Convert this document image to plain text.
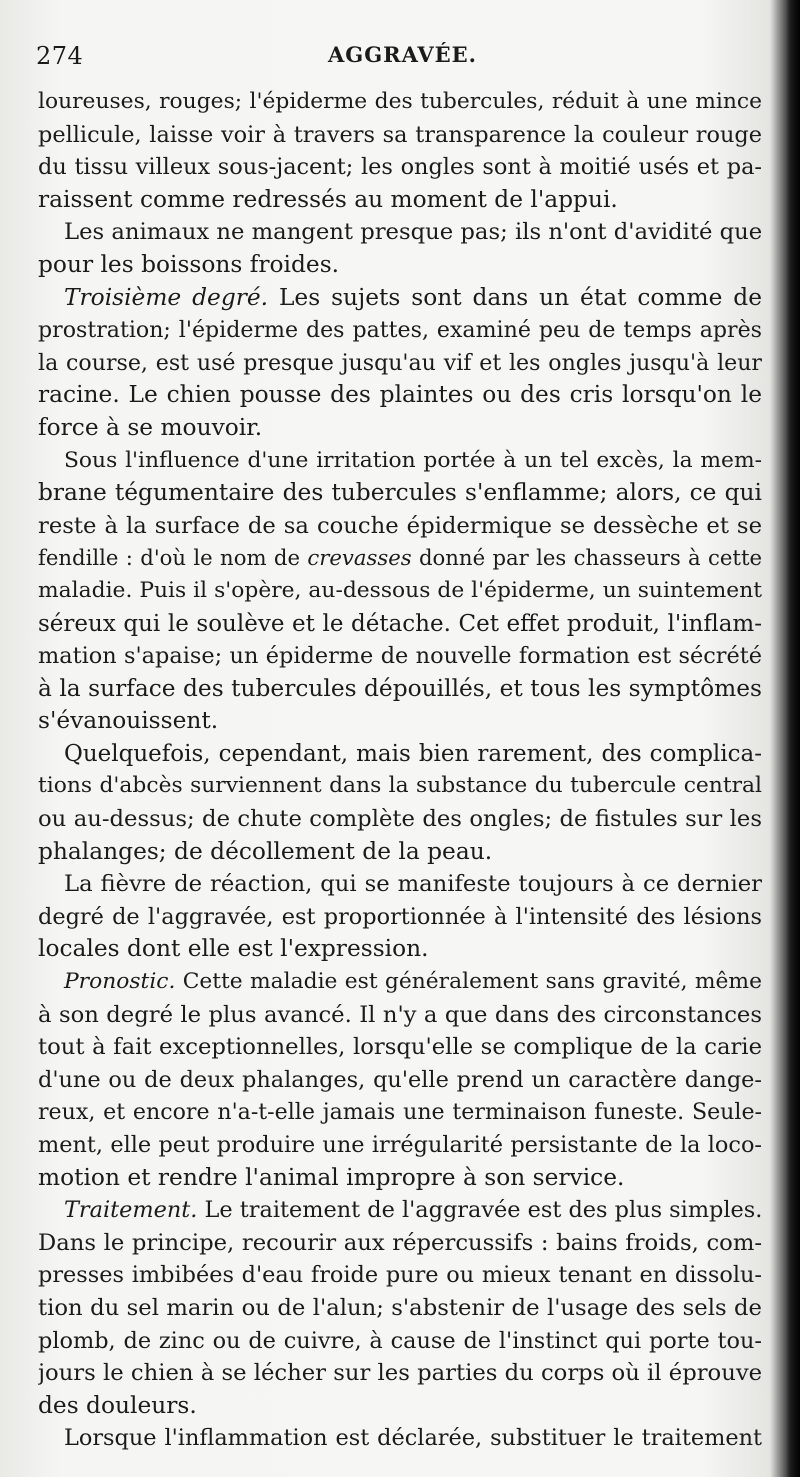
274	AGGRAVÉE.
loureuses, rouges; l'épiderme des tubercules, réduit à une mince
pellicule, laisse voir à travers sa transparence la couleur rouge
du tissu villeux sous-jacent; les ongles sont à moitié usés et pa-
raissent comme redressés au moment de l'appui.
Les animaux ne mangent presque pas; ils n'ont d'avidité que
pour les boissons froides.
Troisième degré. Les sujets sont dans un état comme de
prostration; l'épiderme des pattes, examiné peu de temps après
la course, est usé presque jusqu'au vif et les ongles jusqu'à leur
racine. Le chien pousse des plaintes ou des cris lorsqu'on le
force à se mouvoir.
Sous l'influence d'une irritation portée à un tel excès, la mem-
brane tégumentaire des tubercules s'enflamme; alors, ce qui
reste à la surface de sa couche épidermique se dessèche et se
fendille : d'où le nom de crevasses donné par les chasseurs à cette
maladie. Puis il s'opère, au-dessous de l'épiderme, un suintement
séreux qui le soulève et le détache. Cet effet produit, l'inflam-
mation s'apaise; un épiderme de nouvelle formation est sécrété
à la surface des tubercules dépouillés, et tous les symptômes
s'évanouissent.
Quelquefois, cependant, mais bien rarement, des complica-
tions d'abcès surviennent dans la substance du tubercule central
ou au-dessus; de chute complète des ongles; de fistules sur les
phalanges; de décollement de la peau.
La fièvre de réaction, qui se manifeste toujours à ce dernier
degré de l'aggravée, est proportionnée à l'intensité des lésions
locales dont elle est l'expression.
Pronostic. Cette maladie est généralement sans gravité, même
à son degré le plus avancé. Il n'y a que dans des circonstances
tout à fait exceptionnelles, lorsqu'elle se complique de la carie
d'une ou de deux phalanges, qu'elle prend un caractère dange-
reux, et encore n'a-t-elle jamais une terminaison funeste. Seule-
ment, elle peut produire une irrégularité persistante de la loco-
motion et rendre l'animal impropre à son service.
Traitement. Le traitement de l'aggravée est des plus simples.
Dans le principe, recourir aux répercussifs : bains froids, com-
presses imbibées d'eau froide pure ou mieux tenant en dissolu-
tion du sel marin ou de l'alun; s'abstenir de l'usage des sels de
plomb, de zinc ou de cuivre, à cause de l'instinct qui porte tou-
jours le chien à se lécher sur les parties du corps où il éprouve
des douleurs.
Lorsque l'inflammation est déclarée, substituer le traitement
